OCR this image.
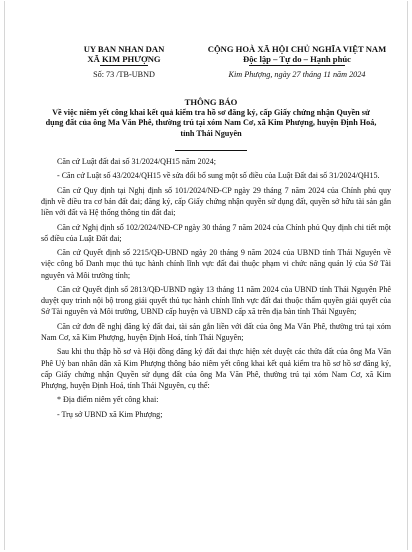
UY BAN NHAN DAN
XÃ KIM PHƯỢNG
Số: 73 /TB-UBND
CỘNG HOÀ XÃ HỘI CHỦ NGHĨA VIỆT NAM
Độc lập – Tự do – Hạnh phúc
Kim Phượng, ngày 27 tháng 11 năm 2024
THÔNG BÁO
Về việc niêm yết công khai kết quả kiểm tra hồ sơ đăng ký, cấp Giấy chứng nhận Quyền sử dụng đất của ông Ma Văn Phê, thường trú tại xóm Nam Cơ, xã Kim Phượng, huyện Định Hoá, tỉnh Thái Nguyên

Căn cứ Luật đất đai số 31/2024/QH15 năm 2024;

- Căn cứ Luật số 43/2024/QH15 về sửa đổi bổ sung một số điều của Luật Đất đai số 31/2024/QH15.

Căn cứ Quy định tại Nghị định số 101/2024/NĐ-CP ngày 29 tháng 7 năm 2024 của Chính phủ quy định về điều tra cơ bản đất đai; đăng ký, cấp Giấy chứng nhận quyền sử dụng đất, quyền sở hữu tài sản gắn liền với đất và Hệ thống thông tin đất đai;

Căn cứ Nghị định số 102/2024/NĐ-CP ngày 30 tháng 7 năm 2024 của Chính phủ Quy định chi tiết một số điều của Luật Đất đai;

Căn cứ Quyết định số 2215/QĐ-UBND ngày 20 tháng 9 năm 2024 của UBND tỉnh Thái Nguyên về việc công bố Danh mục thủ tục hành chính lĩnh vực đất đai thuộc phạm vi chức năng quản lý của Sở Tài nguyên và Môi trường tỉnh;

Căn cứ Quyết định số 2813/QĐ-UBND ngày 13 tháng 11 năm 2024 của UBND tỉnh Thái Nguyên Phê duyệt quy trình nội bộ trong giải quyết thủ tục hành chính lĩnh vực đất đai thuộc thẩm quyền giải quyết của Sở Tài nguyên và Môi trường, UBND cấp huyện và UBND cấp xã trên địa bàn tỉnh Thái Nguyên;

Căn cứ đơn đề nghị đăng ký đất đai, tài sản gắn liền với đất của ông Ma Văn Phê, thường trú tại xóm Nam Cơ, xã Kim Phượng, huyện Định Hoá, tỉnh Thái Nguyên;

Sau khi thu thập hồ sơ và Hội đồng đăng ký đất đai thực hiện xét duyệt các thửa đất của ông Ma Văn Phê Uỷ ban nhân dân xã Kim Phượng thông báo niêm yết công khai kết quả kiểm tra hồ sơ hồ sơ đăng ký, cấp Giấy chứng nhận Quyền sử dụng đất của ông Ma Văn Phê, thường trú tại xóm Nam Cơ, xã Kim Phượng, huyện Định Hoá, tỉnh Thái Nguyên, cụ thể:

* Địa điểm niêm yết công khai:

- Trụ sở UBND xã Kim Phượng;
